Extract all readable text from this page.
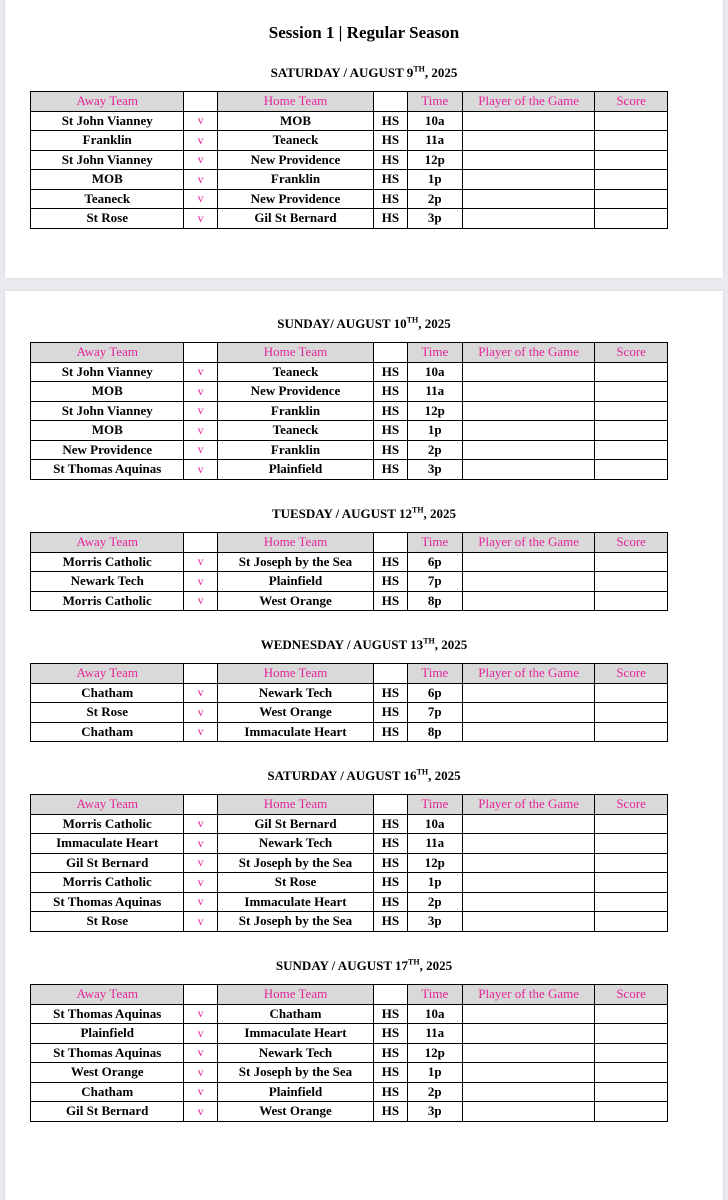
Session 1 | Regular Season
SATURDAY / AUGUST 9TH, 2025
Away Team		Home Team		Time	Player of the Game	Score
St John Vianney	v	MOB	HS	10a		
Franklin	v	Teaneck	HS	11a		
St John Vianney	v	New Providence	HS	12p		
MOB	v	Franklin	HS	1p		
Teaneck	v	New Providence	HS	2p		
St Rose	v	Gil St Bernard	HS	3p		
SUNDAY/ AUGUST 10TH, 2025
Away Team		Home Team		Time	Player of the Game	Score
St John Vianney	v	Teaneck	HS	10a		
MOB	v	New Providence	HS	11a		
St John Vianney	v	Franklin	HS	12p		
MOB	v	Teaneck	HS	1p		
New Providence	v	Franklin	HS	2p		
St Thomas Aquinas	v	Plainfield	HS	3p		
TUESDAY / AUGUST 12TH, 2025
Away Team		Home Team		Time	Player of the Game	Score
Morris Catholic	v	St Joseph by the Sea	HS	6p		
Newark Tech	v	Plainfield	HS	7p		
Morris Catholic	v	West Orange	HS	8p		
WEDNESDAY / AUGUST 13TH, 2025
Away Team		Home Team		Time	Player of the Game	Score
Chatham	v	Newark Tech	HS	6p		
St Rose	v	West Orange	HS	7p		
Chatham	v	Immaculate Heart	HS	8p		
SATURDAY / AUGUST 16TH, 2025
Away Team		Home Team		Time	Player of the Game	Score
Morris Catholic	v	Gil St Bernard	HS	10a		
Immaculate Heart	v	Newark Tech	HS	11a		
Gil St Bernard	v	St Joseph by the Sea	HS	12p		
Morris Catholic	v	St Rose	HS	1p		
St Thomas Aquinas	v	Immaculate Heart	HS	2p		
St Rose	v	St Joseph by the Sea	HS	3p		
SUNDAY / AUGUST 17TH, 2025
Away Team		Home Team		Time	Player of the Game	Score
St Thomas Aquinas	v	Chatham	HS	10a		
Plainfield	v	Immaculate Heart	HS	11a		
St Thomas Aquinas	v	Newark Tech	HS	12p		
West Orange	v	St Joseph by the Sea	HS	1p		
Chatham	v	Plainfield	HS	2p		
Gil St Bernard	v	West Orange	HS	3p		
